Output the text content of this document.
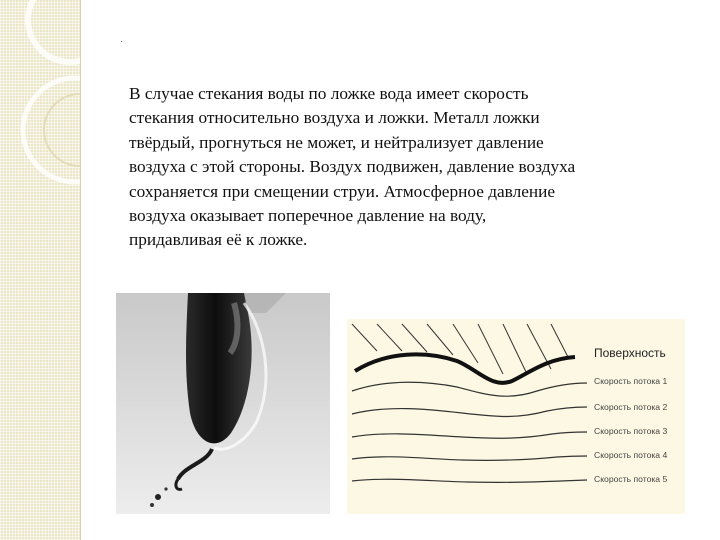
˙

В случае стекания воды по ложке вода имеет скорость
стекания относительно воздуха и ложки. Металл ложки
твёрдый, прогнуться не может, и нейтрализует давление
воздуха с этой стороны. Воздух подвижен, давление воздуха
сохраняется при смещении струи. Атмосферное давление
воздуха оказывает поперечное давление на воду,
придавливая её к ложке.

Поверхность
Скорость потока 1
Скорость потока 2
Скорость потока 3
Скорость потока 4
Скорость потока 5
